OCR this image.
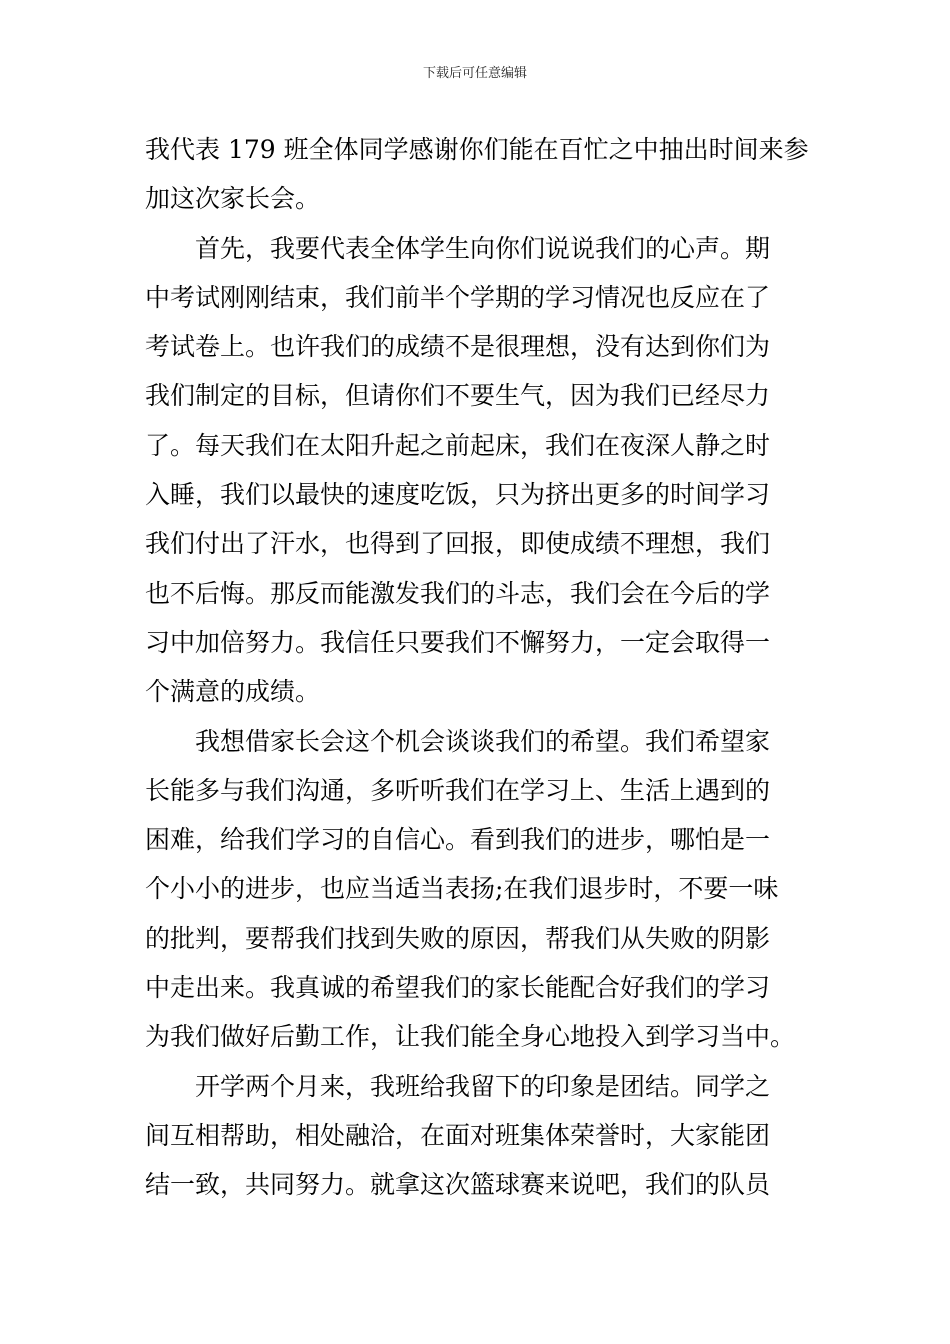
下载后可任意编辑
我代表 179 班全体同学感谢你们能在百忙之中抽出时间来参
加这次家长会。
首先，我要代表全体学生向你们说说我们的心声。期
中考试刚刚结束，我们前半个学期的学习情况也反应在了
考试卷上。也许我们的成绩不是很理想，没有达到你们为
我们制定的目标，但请你们不要生气，因为我们已经尽力
了。每天我们在太阳升起之前起床，我们在夜深人静之时
入睡，我们以最快的速度吃饭，只为挤出更多的时间学习
我们付出了汗水，也得到了回报，即使成绩不理想，我们
也不后悔。那反而能激发我们的斗志，我们会在今后的学
习中加倍努力。我信任只要我们不懈努力，一定会取得一
个满意的成绩。
我想借家长会这个机会谈谈我们的希望。我们希望家
长能多与我们沟通，多听听我们在学习上、生活上遇到的
困难，给我们学习的自信心。看到我们的进步，哪怕是一
个小小的进步，也应当适当表扬;在我们退步时，不要一味
的批判，要帮我们找到失败的原因，帮我们从失败的阴影
中走出来。我真诚的希望我们的家长能配合好我们的学习
为我们做好后勤工作，让我们能全身心地投入到学习当中。
开学两个月来，我班给我留下的印象是团结。同学之
间互相帮助，相处融洽，在面对班集体荣誉时，大家能团
结一致，共同努力。就拿这次篮球赛来说吧，我们的队员
